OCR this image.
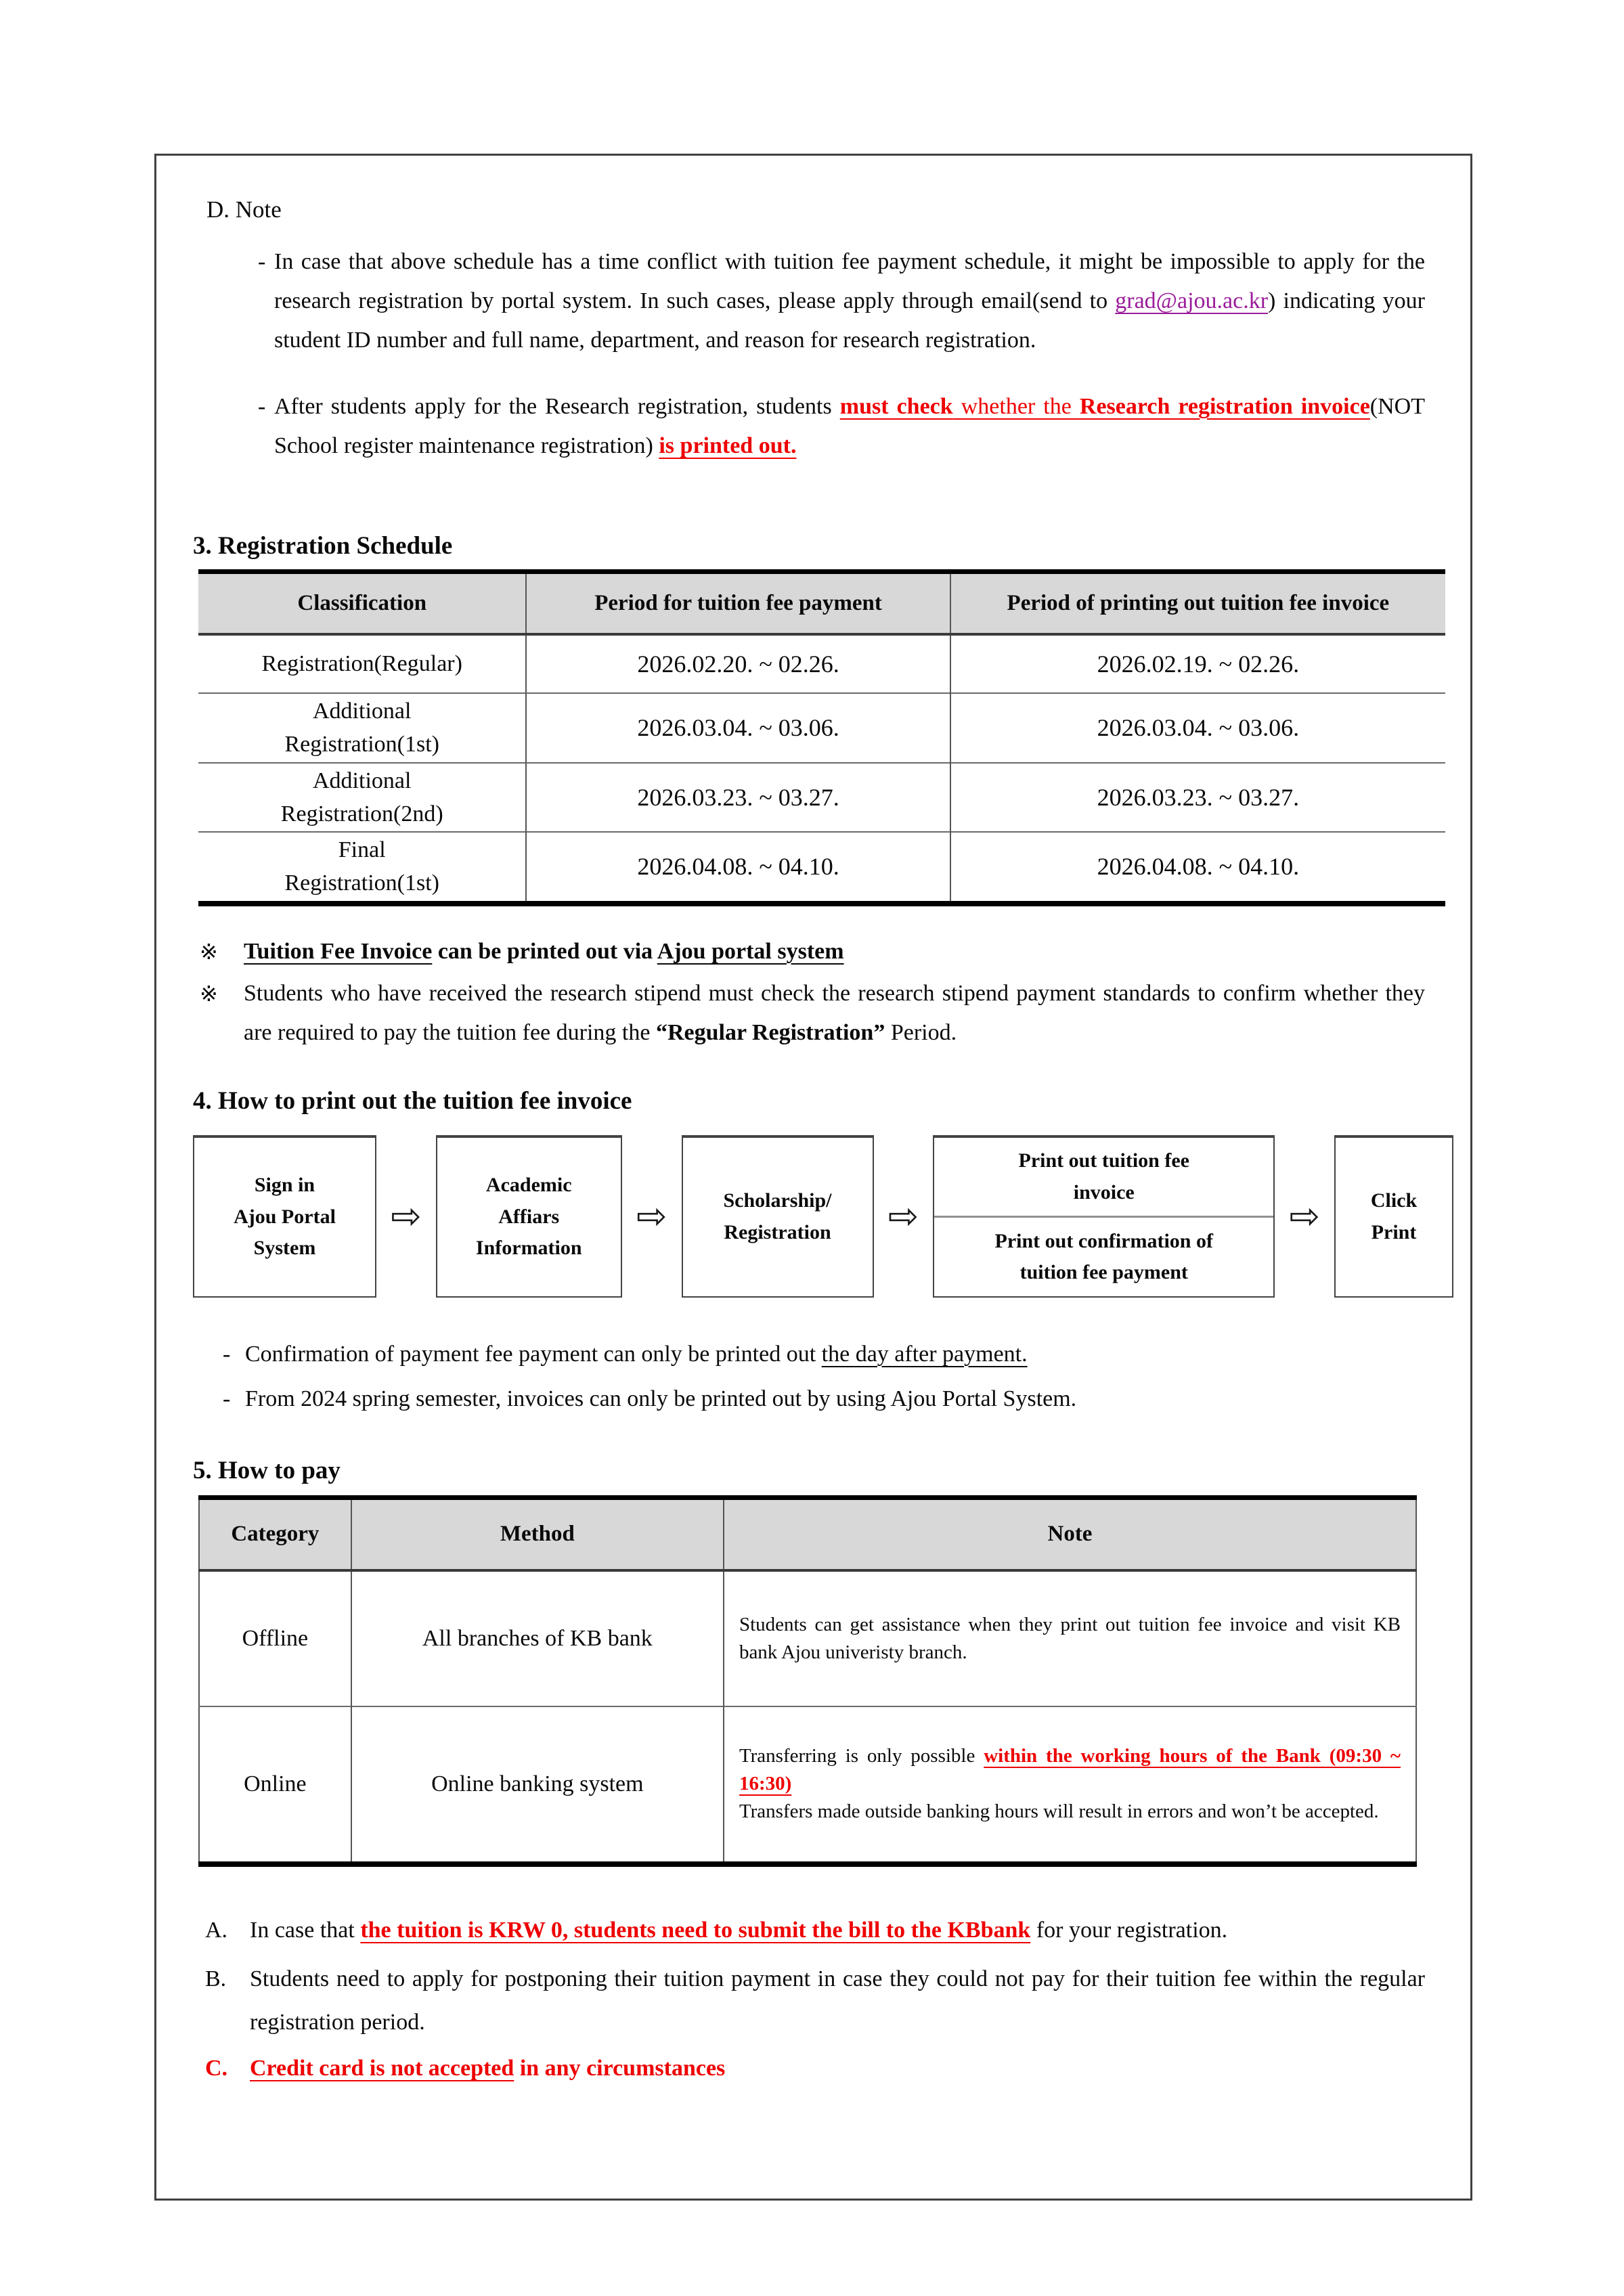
D. Note

- In case that above schedule has a time conflict with tuition fee payment schedule, it might be impossible to apply for the research registration by portal system. In such cases, please apply through email(send to grad@ajou.ac.kr) indicating your student ID number and full name, department, and reason for research registration.

- After students apply for the Research registration, students must check whether the Research registration invoice(NOT School register maintenance registration) is printed out.

3. Registration Schedule
Classification	Period for tuition fee payment	Period of printing out tuition fee invoice

Registration(Regular)	2026.02.20. ~ 02.26.	2026.02.19. ~ 02.26.

Additional
Registration(1st)	2026.03.04. ~ 03.06.	2026.03.04. ~ 03.06.

Additional
Registration(2nd)	2026.03.23. ~ 03.27.	2026.03.23. ~ 03.27.

Final
Registration(1st)	2026.04.08. ~ 04.10.	2026.04.08. ~ 04.10.

※ Tuition Fee Invoice can be printed out via Ajou portal system

※ Students who have received the research stipend must check the research stipend payment standards to confirm whether they are required to pay the tuition fee during the “Regular Registration” Period.

4. How to print out the tuition fee invoice
Sign in
Ajou Portal
System
⇨
Academic
Affiars
Information
⇨	Scholarship/
Registration	⇨
Print out tuition fee
invoice
Print out confirmation of
tuition fee payment
⇨	Click
Print

- Confirmation of payment fee payment can only be printed out the day after payment.

- From 2024 spring semester, invoices can only be printed out by using Ajou Portal System.

5. How to pay
Category	Method	Note
Offline	All branches of KB bank	Students can get assistance when they print out tuition fee invoice and visit KB bank Ajou univeristy branch.
Online	Online banking system	Transferring is only possible within the working hours of the Bank (09:30 ~ 16:30)
Transfers made outside banking hours will result in errors and won’t be accepted.

A. In case that the tuition is KRW 0, students need to submit the bill to the KBbank for your registration.

B. Students need to apply for postponing their tuition payment in case they could not pay for their tuition fee within the regular registration period.

C. Credit card is not accepted in any circumstances
